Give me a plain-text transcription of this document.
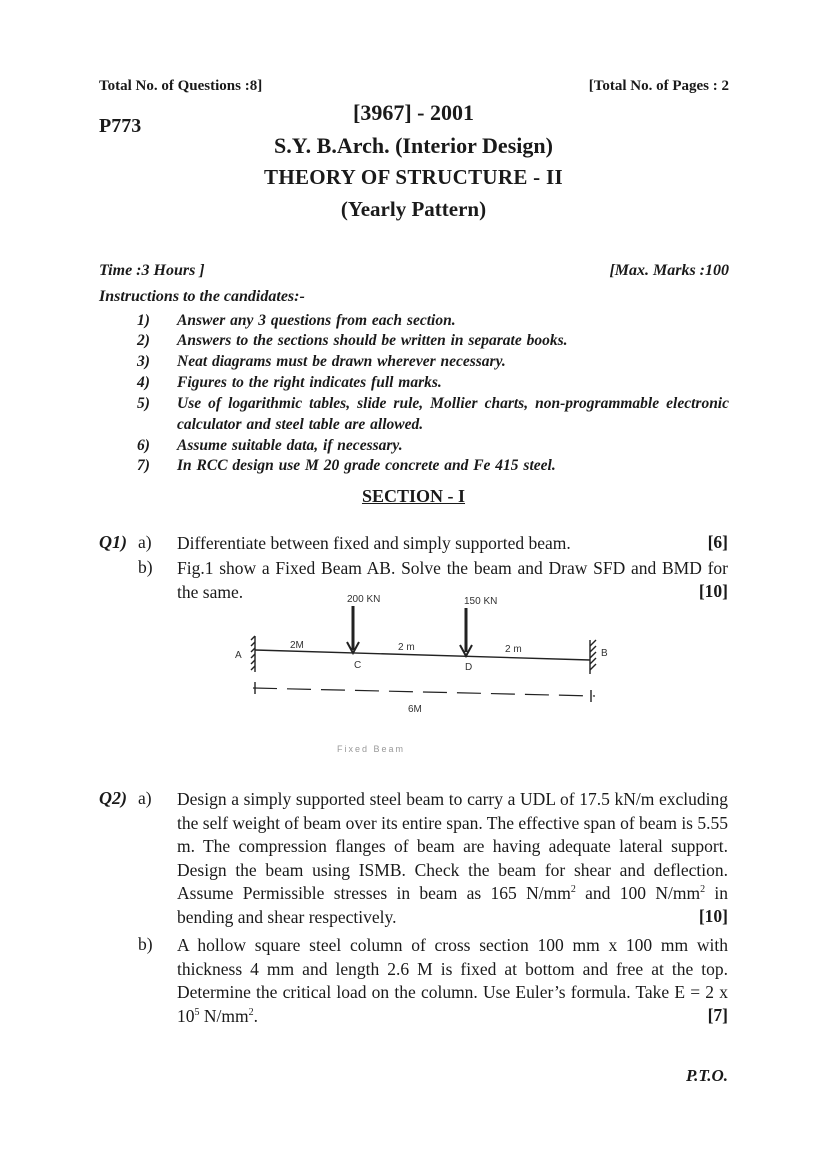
Total No. of Questions :8]	[Total No. of Pages : 2
P773
[3967] - 2001
S.Y. B.Arch. (Interior Design)
THEORY OF STRUCTURE - II
(Yearly Pattern)
Time :3 Hours ]	[Max. Marks :100
Instructions to the candidates:-
1) Answer any 3 questions from each section.
2) Answers to the sections should be written in separate books.
3) Neat diagrams must be drawn wherever necessary.
4) Figures to the right indicates full marks.
5) Use of logarithmic tables, slide rule, Mollier charts, non-programmable electronic calculator and steel table are allowed.
6) Assume suitable data, if necessary.
7) In RCC design use M 20 grade concrete and Fe 415 steel.
SECTION - I
Q1) a) Differentiate between fixed and simply supported beam.	[6]
b) Fig.1 show a Fixed Beam AB. Solve the beam and Draw SFD and BMD for the same.	[10]
200 KN	150 KN
2M	2 m	2 m
A	B
C	D
6M
Fixed Beam
Q2) a) Design a simply supported steel beam to carry a UDL of 17.5 kN/m excluding the self weight of beam over its entire span. The effective span of beam is 5.55 m. The compression flanges of beam are having adequate lateral support. Design the beam using ISMB. Check the beam for shear and deflection. Assume Permissible stresses in beam as 165 $N/mm^2$ and 100 $N/mm^2$ in bending and shear respectively.	[10]
b) A hollow square steel column of cross section 100 mm x 100 mm with thickness 4 mm and length 2.6 M is fixed at bottom and free at the top. Determine the critical load on the column. Use Euler’s formula. Take E = 2 x $10^5$ $N/mm^2$.	[7]
P.T.O.
